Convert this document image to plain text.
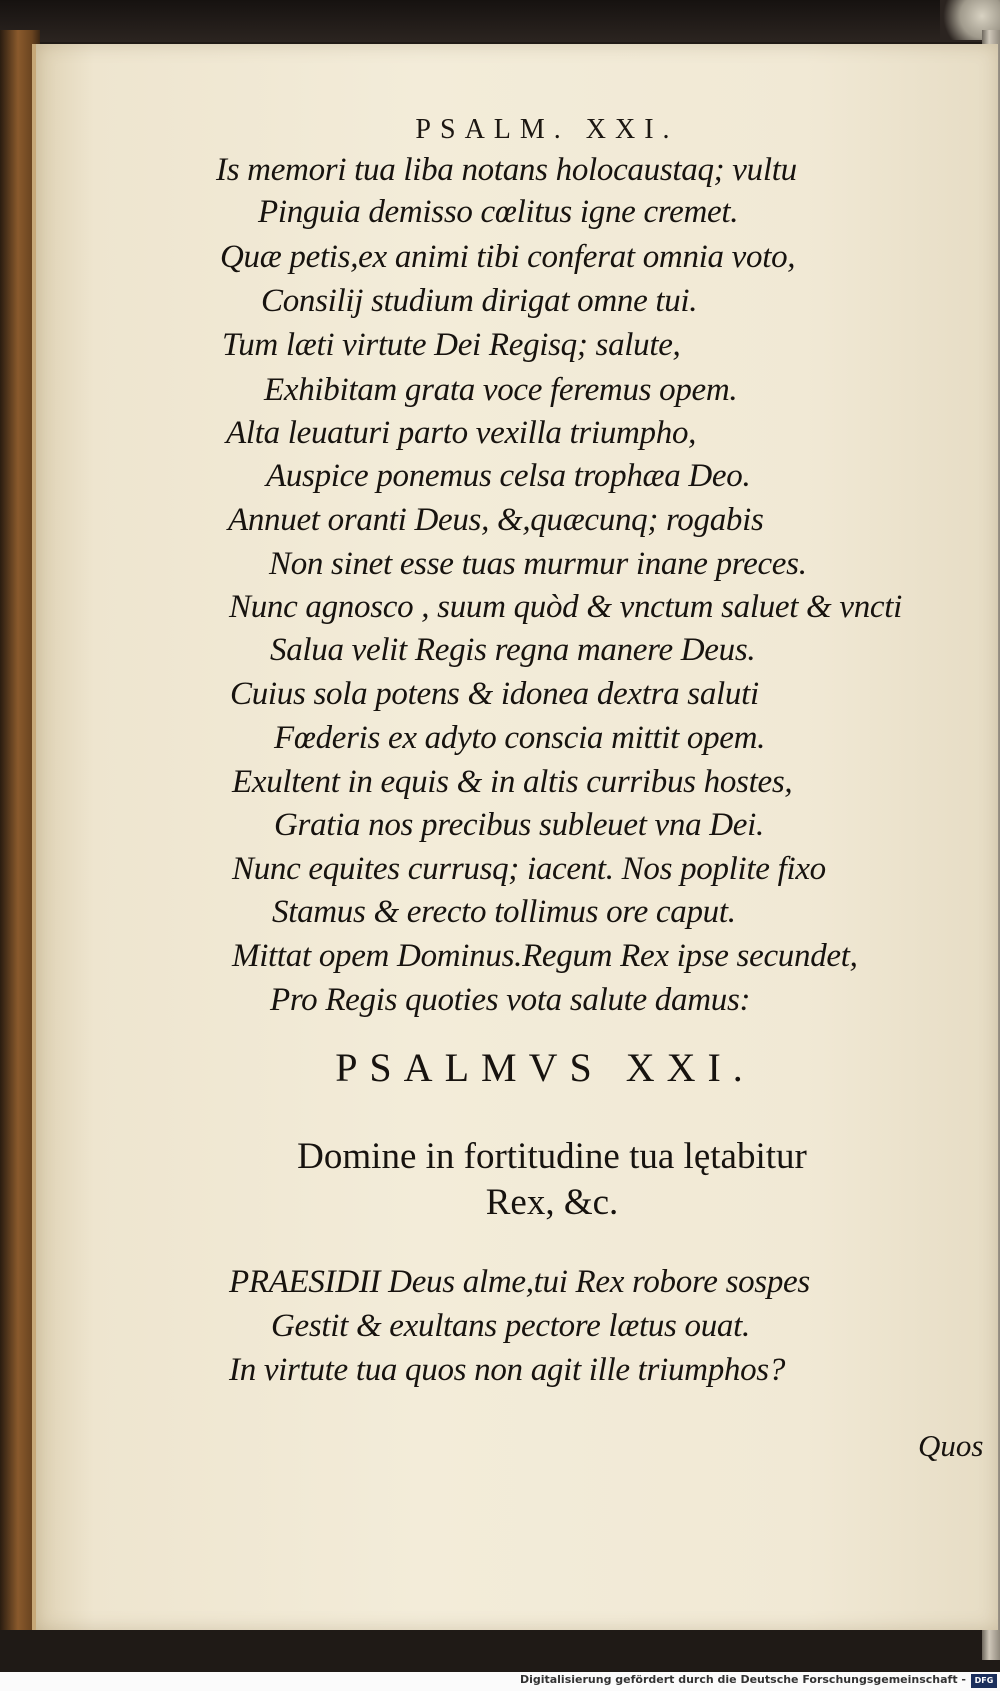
PSALM. XXI.
Is memori tua liba notans holocaustaq; vultu
Pinguia demisso cœlitus igne cremet.
Quæ petis,ex animi tibi conferat omnia voto,
Consilij studium dirigat omne tui.
Tum læti virtute Dei Regisq; salute,
Exhibitam grata voce feremus opem.
Alta leuaturi parto vexilla triumpho,
Auspice ponemus celsa trophæa Deo.
Annuet oranti Deus, &,quæcunq; rogabis
Non sinet esse tuas murmur inane preces.
Nunc agnosco , suum quòd & vnctum saluet & vncti
Salua velit Regis regna manere Deus.
Cuius sola potens & idonea dextra saluti
Fœderis ex adyto conscia mittit opem.
Exultent in equis & in altis curribus hostes,
Gratia nos precibus subleuet vna Dei.
Nunc equites currusq; iacent. Nos poplite fixo
Stamus & erecto tollimus ore caput.
Mittat opem Dominus.Regum Rex ipse secundet,
Pro Regis quoties vota salute damus:
PSALMVS XXI.
Domine in fortitudine tua lętabitur
Rex, &c.
PRAESIDII Deus alme,tui Rex robore sospes
Gestit & exultans pectore lætus ouat.
In virtute tua quos non agit ille triumphos?
Quos
Digitalisierung gefördert durch die Deutsche Forschungsgemeinschaft -	DFG
